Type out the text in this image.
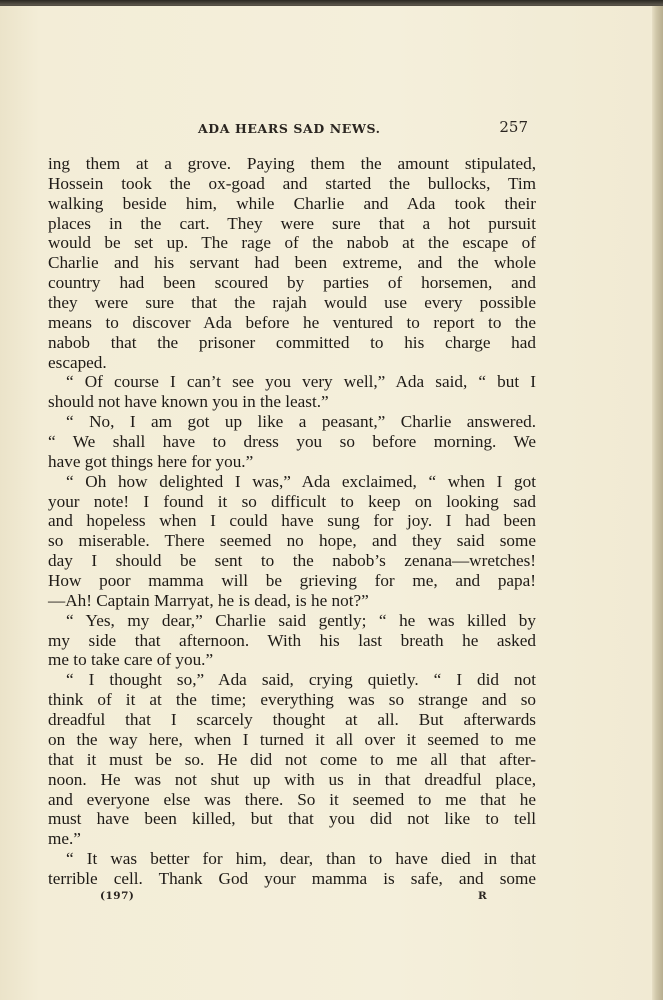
ADA HEARS SAD NEWS.	257
ing them at a grove. Paying them the amount stipulated,
Hossein took the ox-goad and started the bullocks, Tim
walking beside him, while Charlie and Ada took their
places in the cart. They were sure that a hot pursuit
would be set up. The rage of the nabob at the escape of
Charlie and his servant had been extreme, and the whole
country had been scoured by parties of horsemen, and
they were sure that the rajah would use every possible
means to discover Ada before he ventured to report to the
nabob that the prisoner committed to his charge had
escaped.
“ Of course I can’t see you very well,” Ada said, “ but I
should not have known you in the least.”
“ No, I am got up like a peasant,” Charlie answered.
“ We shall have to dress you so before morning. We
have got things here for you.”
“ Oh how delighted I was,” Ada exclaimed, “ when I got
your note! I found it so difficult to keep on looking sad
and hopeless when I could have sung for joy. I had been
so miserable. There seemed no hope, and they said some
day I should be sent to the nabob’s zenana—wretches!
How poor mamma will be grieving for me, and papa!
—Ah! Captain Marryat, he is dead, is he not?”
“ Yes, my dear,” Charlie said gently; “ he was killed by
my side that afternoon. With his last breath he asked
me to take care of you.”
“ I thought so,” Ada said, crying quietly. “ I did not
think of it at the time; everything was so strange and so
dreadful that I scarcely thought at all. But afterwards
on the way here, when I turned it all over it seemed to me
that it must be so. He did not come to me all that after-
noon. He was not shut up with us in that dreadful place,
and everyone else was there. So it seemed to me that he
must have been killed, but that you did not like to tell
me.”
“ It was better for him, dear, than to have died in that
terrible cell. Thank God your mamma is safe, and some
(197)	R
